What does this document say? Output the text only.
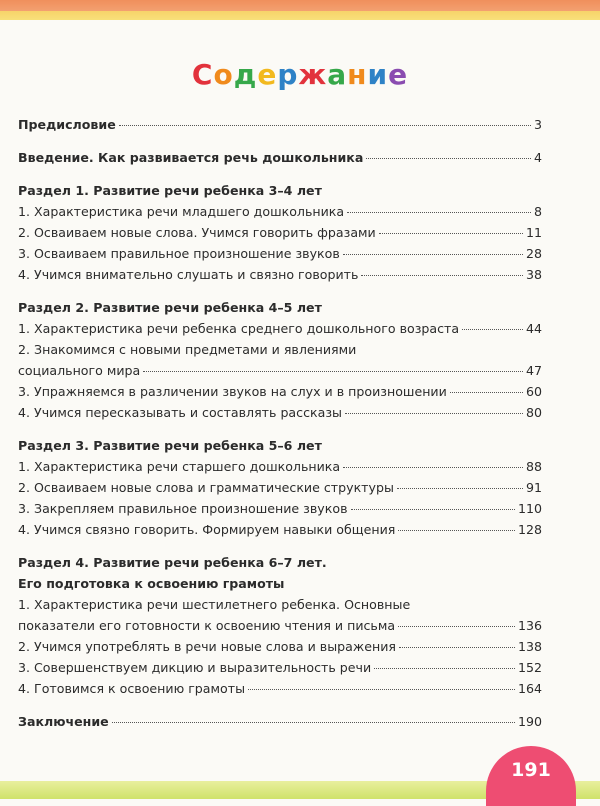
Содержание
Предисловие	3
Введение. Как развивается речь дошкольника	4
Раздел 1. Развитие речи ребенка 3–4 лет
1. Характеристика речи младшего дошкольника	8
2. Осваиваем новые слова. Учимся говорить фразами	11
3. Осваиваем правильное произношение звуков	28
4. Учимся внимательно слушать и связно говорить	38
Раздел 2. Развитие речи ребенка 4–5 лет
1. Характеристика речи ребенка среднего дошкольного возраста	44
2. Знакомимся с новыми предметами и явлениями
социального мира	47
3. Упражняемся в различении звуков на слух и в произношении	60
4. Учимся пересказывать и составлять рассказы	80
Раздел 3. Развитие речи ребенка 5–6 лет
1. Характеристика речи старшего дошкольника	88
2. Осваиваем новые слова и грамматические структуры	91
3. Закрепляем правильное произношение звуков	110
4. Учимся связно говорить. Формируем навыки общения	128
Раздел 4. Развитие речи ребенка 6–7 лет.
Его подготовка к освоению грамоты
1. Характеристика речи шестилетнего ребенка. Основные
показатели его готовности к освоению чтения и письма	136
2. Учимся употреблять в речи новые слова и выражения	138
3. Совершенствуем дикцию и выразительность речи	152
4. Готовимся к освоению грамоты	164
Заключение	190
191
